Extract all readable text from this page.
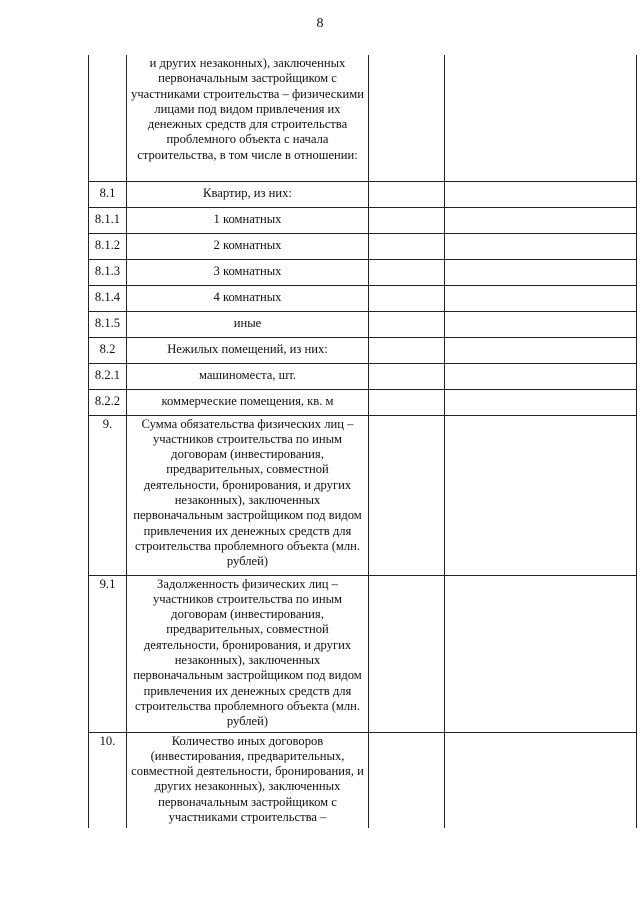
8
	и других незаконных), заключенных первоначальным застройщиком с участниками строительства – физическими лицами под видом привлечения их денежных средств для строительства проблемного объекта с начала строительства, в том числе в отношении:		
8.1	Квартир, из них:		
8.1.1	1 комнатных		
8.1.2	2 комнатных		
8.1.3	3 комнатных		
8.1.4	4 комнатных		
8.1.5	иные		
8.2	Нежилых помещений, из них:		
8.2.1	машиноместа, шт.		
8.2.2	коммерческие помещения, кв. м		
9.	Сумма обязательства физических лиц – участников строительства по иным договорам (инвестирования, предварительных, совместной деятельности, бронирования, и других незаконных), заключенных первоначальным застройщиком под видом привлечения их денежных средств для строительства проблемного объекта (млн. рублей)		
9.1	Задолженность физических лиц – участников строительства по иным договорам (инвестирования, предварительных, совместной деятельности, бронирования, и других незаконных), заключенных первоначальным застройщиком под видом привлечения их денежных средств для строительства проблемного объекта (млн. рублей)		
10.	Количество иных договоров (инвестирования, предварительных, совместной деятельности, бронирования, и других незаконных), заключенных первоначальным застройщиком с участниками строительства –		
